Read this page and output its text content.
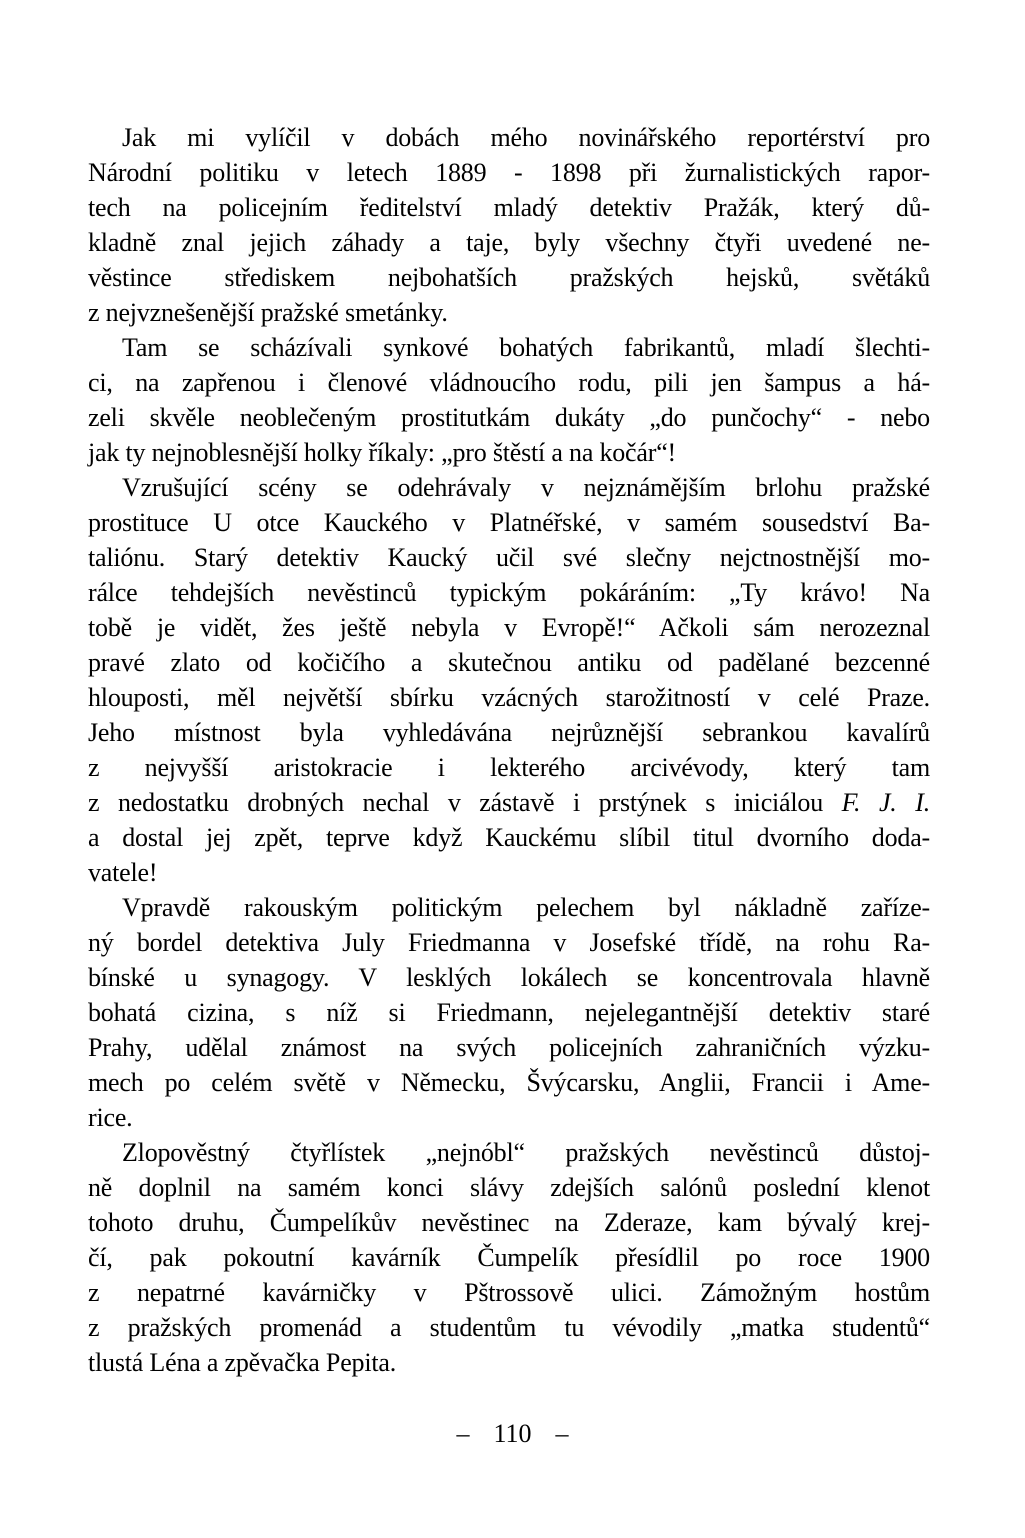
Jak mi vylíčil v dobách mého novinářského reportérství pro
Národní politiku v letech 1889 - 1898 při žurnalistických rapor-
tech na policejním ředitelství mladý detektiv Pražák, který dů-
kladně znal jejich záhady a taje, byly všechny čtyři uvedené ne-
věstince střediskem nejbohatších pražských hejsků, světáků
z nejvznešenější pražské smetánky.
Tam se scházívali synkové bohatých fabrikantů, mladí šlechti-
ci, na zapřenou i členové vládnoucího rodu, pili jen šampus a há-
zeli skvěle neoblečeným prostitutkám dukáty „do punčochy“ - nebo
jak ty nejnoblesnější holky říkaly: „pro štěstí a na kočár“!
Vzrušující scény se odehrávaly v nejznámějším brlohu pražské
prostituce U otce Kauckého v Platnéřské, v samém sousedství Ba-
taliónu. Starý detektiv Kaucký učil své slečny nejctnostnější mo-
rálce tehdejších nevěstinců typickým pokáráním: „Ty krávo! Na
tobě je vidět, žes ještě nebyla v Evropě!“ Ačkoli sám nerozeznal
pravé zlato od kočičího a skutečnou antiku od padělané bezcenné
hlouposti, měl největší sbírku vzácných starožitností v celé Praze.
Jeho místnost byla vyhledávána nejrůznější sebrankou kavalírů
z nejvyšší aristokracie i lekterého arcivévody, který tam
z nedostatku drobných nechal v zástavě i prstýnek s iniciálou F. J. I.
a dostal jej zpět, teprve když Kauckému slíbil titul dvorního doda-
vatele!
Vpravdě rakouským politickým pelechem byl nákladně zaříze-
ný bordel detektiva July Friedmanna v Josefské třídě, na rohu Ra-
bínské u synagogy. V lesklých lokálech se koncentrovala hlavně
bohatá cizina, s níž si Friedmann, nejelegantnější detektiv staré
Prahy, udělal známost na svých policejních zahraničních výzku-
mech po celém světě v Německu, Švýcarsku, Anglii, Francii i Ame-
rice.
Zlopověstný čtyřlístek „nejnóbl“ pražských nevěstinců důstoj-
ně doplnil na samém konci slávy zdejších salónů poslední klenot
tohoto druhu, Čumpelíkův nevěstinec na Zderaze, kam bývalý krej-
čí, pak pokoutní kavárník Čumpelík přesídlil po roce 1900
z nepatrné kavárničky v Pštrossově ulici. Zámožným hostům
z pražských promenád a studentům tu vévodily „matka studentů“
tlustá Léna a zpěvačka Pepita.
– 110 –
